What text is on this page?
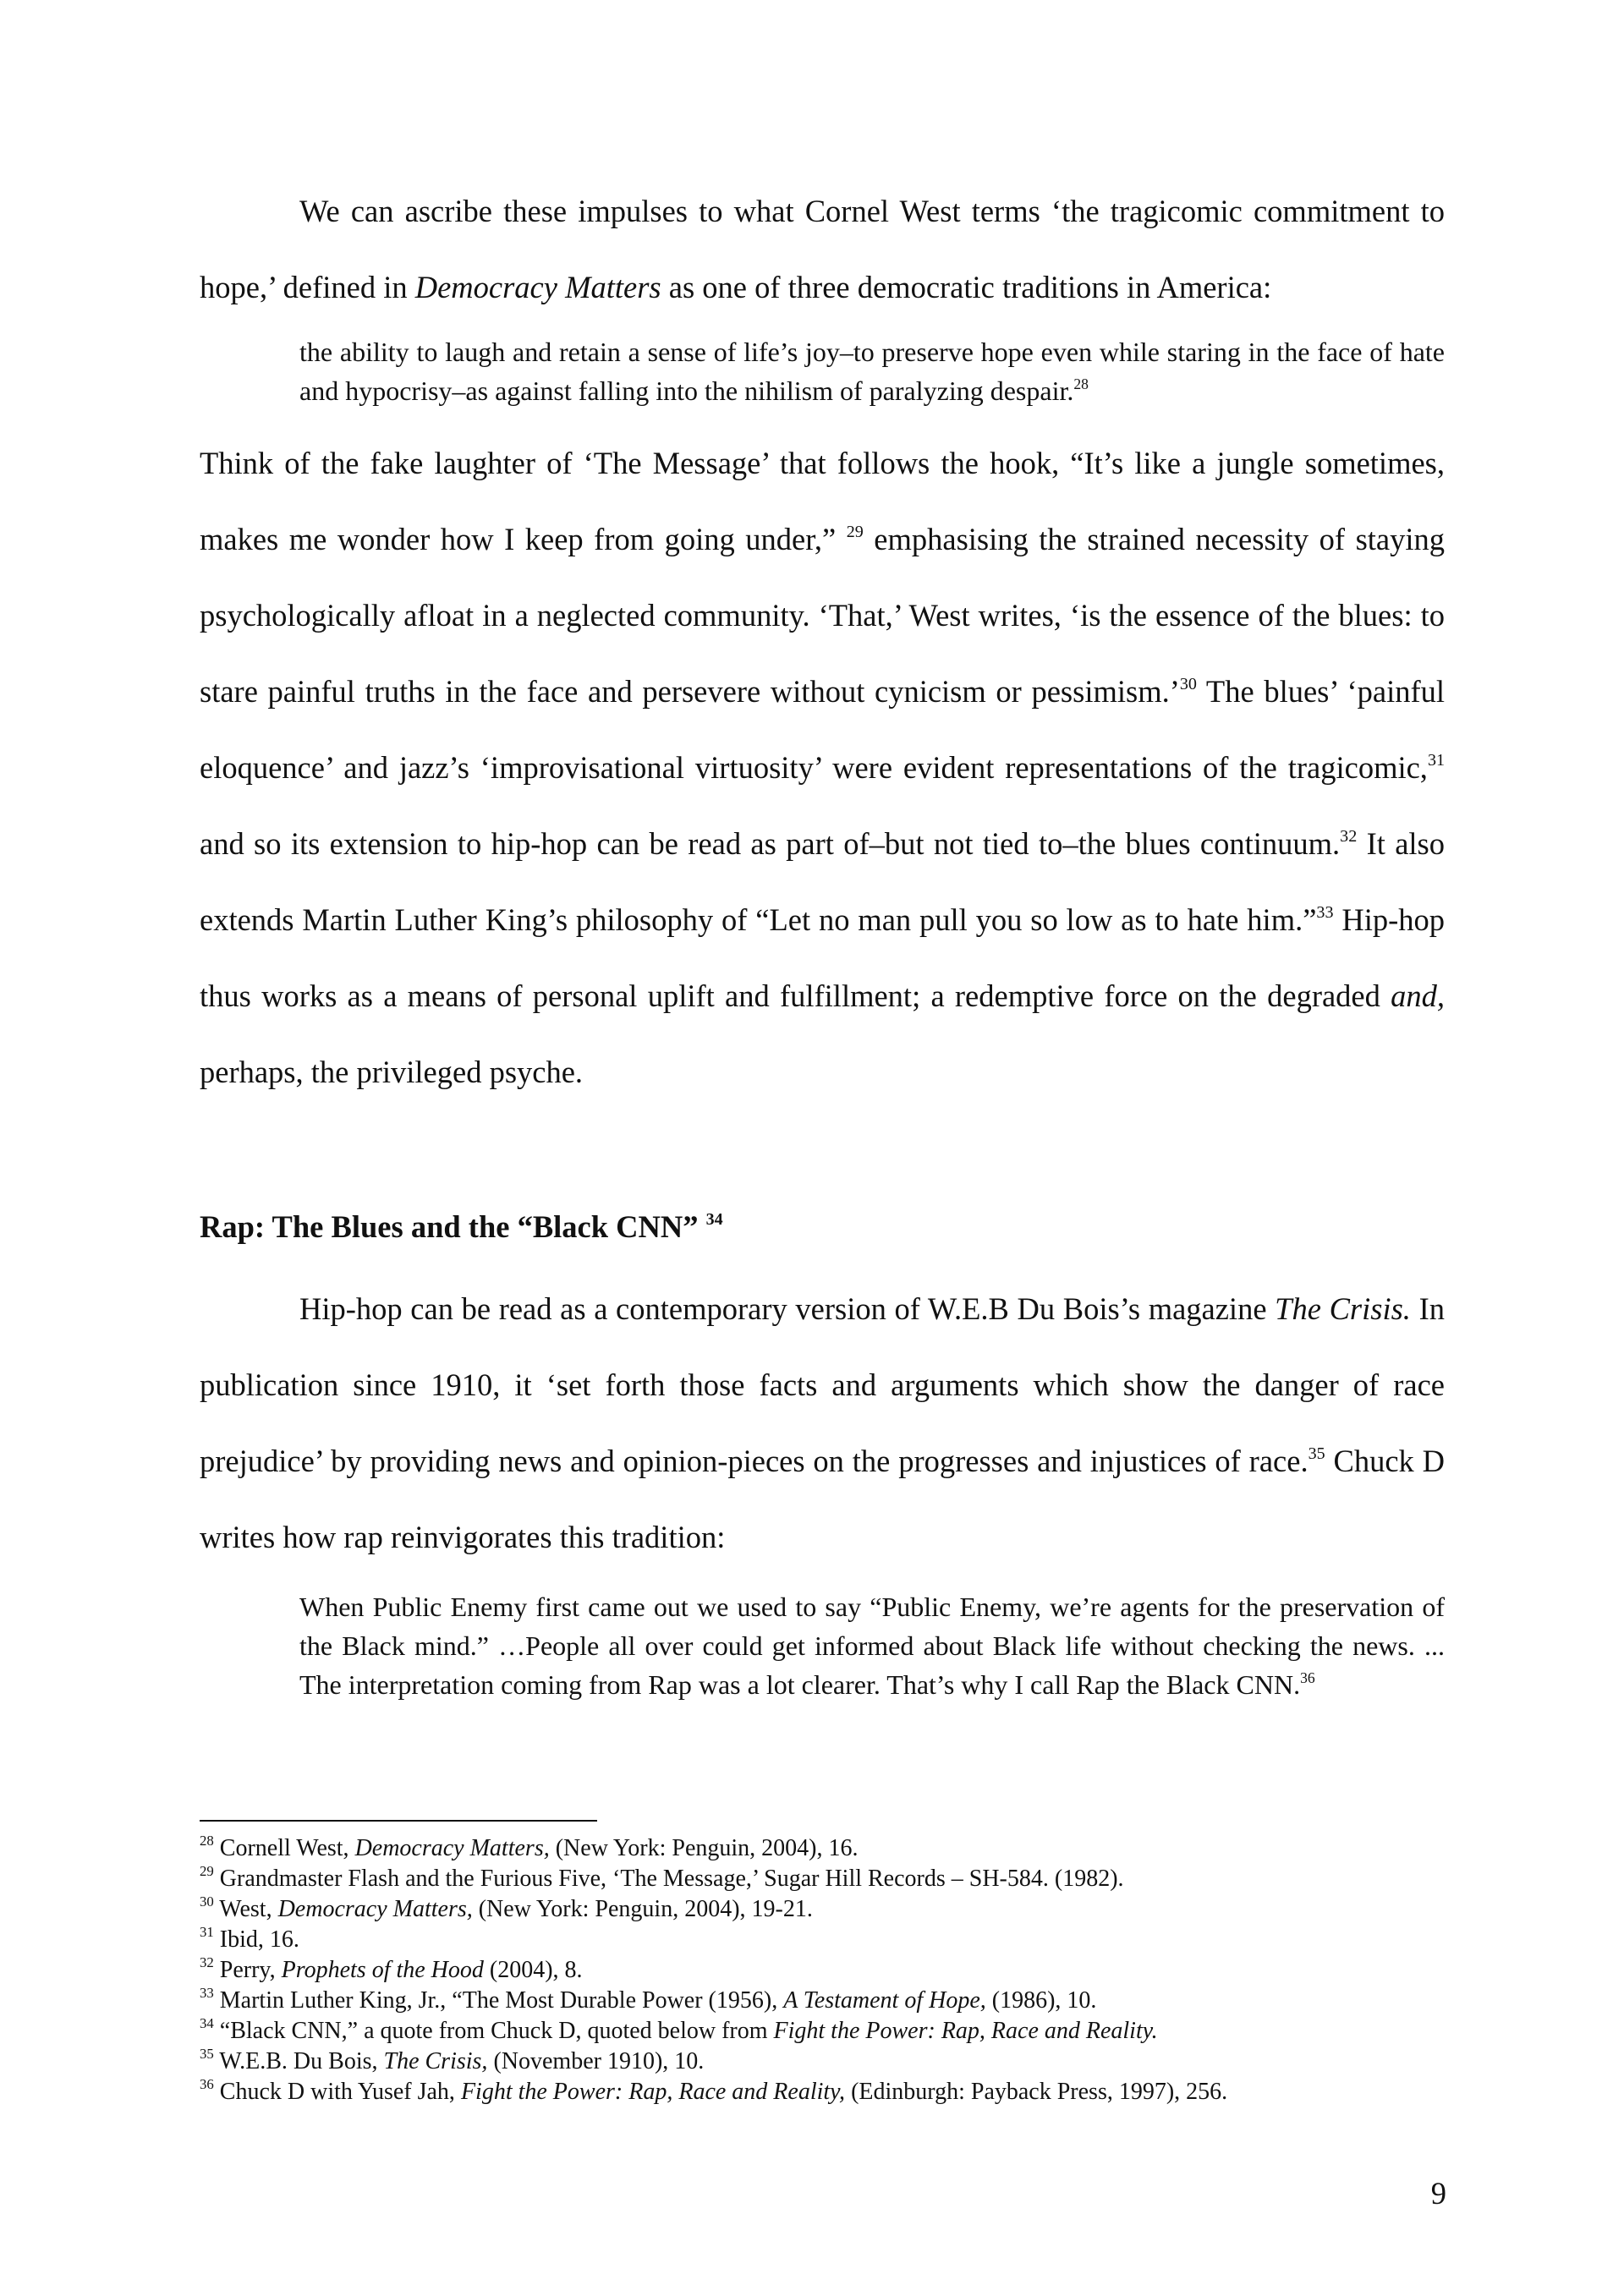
We can ascribe these impulses to what Cornel West terms ‘the tragicomic commitment to hope,’ defined in Democracy Matters as one of three democratic traditions in America:

the ability to laugh and retain a sense of life’s joy–to preserve hope even while staring in the face of hate and hypocrisy–as against falling into the nihilism of paralyzing despair.$^{28}$

Think of the fake laughter of ‘The Message’ that follows the hook, “It’s like a jungle sometimes, makes me wonder how I keep from going under,” $^{29}$ emphasising the strained necessity of staying psychologically afloat in a neglected community. ‘That,’ West writes, ‘is the essence of the blues: to stare painful truths in the face and persevere without cynicism or pessimism.’$^{30}$ The blues’ ‘painful eloquence’ and jazz’s ‘improvisational virtuosity’ were evident representations of the tragicomic,$^{31}$ and so its extension to hip-hop can be read as part of–but not tied to–the blues continuum.$^{32}$ It also extends Martin Luther King’s philosophy of “Let no man pull you so low as to hate him.”$^{33}$ Hip-hop thus works as a means of personal uplift and fulfillment; a redemptive force on the degraded and, perhaps, the privileged psyche.

Rap: The Blues and the “Black CNN” $^{34}$

Hip-hop can be read as a contemporary version of W.E.B Du Bois’s magazine The Crisis. In publication since 1910, it ‘set forth those facts and arguments which show the danger of race prejudice’ by providing news and opinion-pieces on the progresses and injustices of race.$^{35}$ Chuck D writes how rap reinvigorates this tradition:

When Public Enemy first came out we used to say “Public Enemy, we’re agents for the preservation of the Black mind.” …People all over could get informed about Black life without checking the news. ... The interpretation coming from Rap was a lot clearer. That’s why I call Rap the Black CNN.$^{36}$

$^{28}$ Cornell West, Democracy Matters, (New York: Penguin, 2004), 16.

$^{29}$ Grandmaster Flash and the Furious Five, ‘The Message,’ Sugar Hill Records – SH-584. (1982).

$^{30}$ West, Democracy Matters, (New York: Penguin, 2004), 19-21.

$^{31}$ Ibid, 16.

$^{32}$ Perry, Prophets of the Hood (2004), 8.

$^{33}$ Martin Luther King, Jr., “The Most Durable Power (1956), A Testament of Hope, (1986), 10.

$^{34}$ “Black CNN,” a quote from Chuck D, quoted below from Fight the Power: Rap, Race and Reality.

$^{35}$ W.E.B. Du Bois, The Crisis, (November 1910), 10.

$^{36}$ Chuck D with Yusef Jah, Fight the Power: Rap, Race and Reality, (Edinburgh: Payback Press, 1997), 256.

9
